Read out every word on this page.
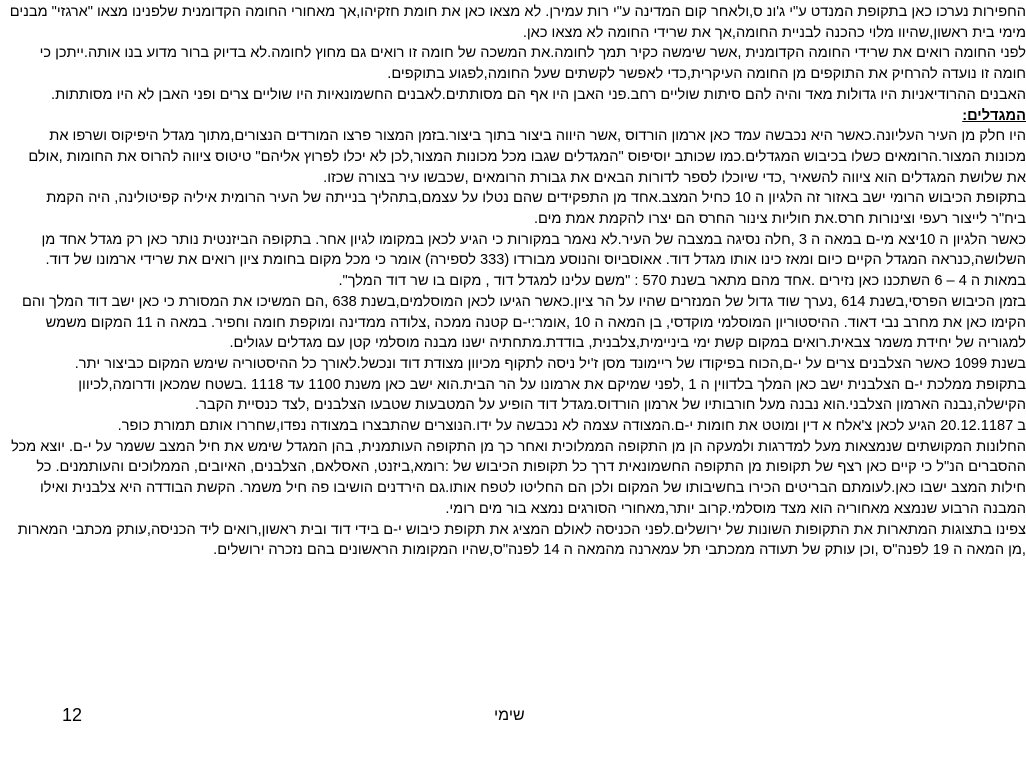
החפירות נערכו כאן בתקופת המנדט ע"י ג'ונ ס,ולאחר קום המדינה ע"י רות עמירן. לא מצאו כאן את חומת חזקיהו,אך מאחורי החומה הקדומנית שלפנינו מצאו "ארגזי" מבנים מימי בית ראשון,שהיוו מלוי כהכנה לבניית החומה,אך את שרידי החומה לא מצאו כאן.

לפני החומה רואים את שרידי החומה הקדומנית ,אשר שימשה כקיר תמך לחומה.את המשכה של חומה זו רואים גם מחוץ לחומה.לא בדיוק ברור מדוע בנו אותה.ייתכן כי חומה זו נועדה להרחיק את התוקפים מן החומה העיקרית,כדי לאפשר לקשתים שעל החומה,לפגוע בתוקפים.

האבנים ההרודיאניות היו גדולות מאד והיה להם סיתות שוליים רחב.פני האבן היו אף הם מסותתים.לאבנים החשמונאיות היו שוליים צרים ופני האבן לא היו מסותתות.

המגדלים:

היו חלק מן העיר העליונה.כאשר היא נכבשה עמד כאן ארמון הורדוס ,אשר היווה ביצור בתוך ביצור.בזמן המצור פרצו המורדים הנצורים,מתוך מגדל היפיקוס ושרפו את מכונות המצור.הרומאים כשלו בכיבוש המגדלים.כמו שכותב יוסיפוס "המגדלים שגבו מכל מכונות המצור,לכן לא יכלו לפרוץ אליהם" טיטוס ציווה להרוס את החומות ,אולם את שלושת המגדלים הוא ציווה להשאיר ,כדי שיוכלו לספר לדורות הבאים את גבורת הרומאים ,שכבשו עיר בצורה שכזו.

בתקופת הכיבוש הרומי ישב באזור זה הלגיון ה 10 כחיל המצב.אחד מן התפקידים שהם נטלו על עצמם,בתהליך בנייתה של העיר הרומית איליה קפיטולינה, היה הקמת ביח"ר לייצור רעפי וצינורות חרס.את חוליות צינור החרס הם יצרו להקמת אמת מים.

כאשר הלגיון ה 10יצא מי-ם במאה ה 3 ,חלה נסיגה במצבה של העיר.לא נאמר במקורות כי הגיע לכאן במקומו לגיון אחר. בתקופה הביזנטית נותר כאן רק מגדל אחד מן השלושה,כנראה המגדל הקיים כיום ומאז כינו אותו מגדל דוד. אאוסביוס והנוסע מבורדו (333 לספירה) אומר כי מכל מקום בחומת ציון רואים את שרידי ארמונו של דוד. במאות ה 4 – 6 השתכנו כאן נזירים .אחד מהם מתאר בשנת 570 : "משם עלינו למגדל דוד , מקום בו שר דוד המלך".

בזמן הכיבוש הפרסי,בשנת 614 ,נערך שוד גדול של המנזרים שהיו על הר ציון.כאשר הגיעו לכאן המוסלמים,בשנת 638 ,הם המשיכו את המסורת כי כאן ישב דוד המלך והם הקימו כאן את מחרב נבי דאוד. ההיסטוריון המוסלמי מוקדסי, בן המאה ה 10 ,אומר:י-ם קטנה ממכה ,צלודה ממדינה ומוקפת חומה וחפיר. במאה ה 11 המקום משמש למגוריה של יחידת משמר צבאית.רואים במקום קשת ימי ביניימית,צלבנית, בודדת.מתחתיה ישנו מבנה מוסלמי קטן עם מגדלים עגולים.

בשנת 1099 כאשר הצלבנים צרים על י-ם,הכוח בפיקודו של ריימונד מסן ז'יל ניסה לתקוף מכיוון מצודת דוד ונכשל.לאורך כל ההיסטוריה שימש המקום כביצור יתר.

בתקופת ממלכת י-ם הצלבנית ישב כאן המלך בלדווין ה 1 ,לפני שמיקם את ארמונו על הר הבית.הוא ישב כאן משנת 1100 עד 1118 .בשטח שמכאן ודרומה,לכיוון הקישלה,נבנה הארמון הצלבני.הוא נבנה מעל חורבותיו של ארמון הורדוס.מגדל דוד הופיע על המטבעות שטבעו הצלבנים ,לצד כנסיית הקבר.

ב 20.12.1187 הגיע לכאן צ'אלח א דין ומוטט את חומות י-ם.המצודה עצמה לא נכבשה על ידו.הנוצרים שהתבצרו במצודה נפדו,שחררו אותם תמורת כופר.

החלונות המקושתים שנמצאות מעל למדרגות ולמעקה הן מן התקופה הממלוכית ואחר כך מן התקופה העותמנית, בהן המגדל שימש את חיל המצב ששמר על י-ם. יוצא מכל ההסברים הנ"ל כי קיים כאן רצף של תקופות מן התקופה החשמונאית דרך כל תקופות הכיבוש של :רומא,ביזנט, האסלאם, הצלבנים, האיובים, הממלוכים והעותמנים. כל חילות המצב ישבו כאן.לעומתם הבריטים הכירו בחשיבותו של המקום ולכן הם החליטו לטפח אותו.גם הירדנים הושיבו פה חיל משמר. הקשת הבודדה היא צלבנית ואילו המבנה הרבוע שנמצא מאחוריה הוא מצד מוסלמי.קרוב יותר,מאחורי הסורגים נמצא בור מים רומי.

צפינו בתצוגות המתארות את התקופות השונות של ירושלים.לפני הכניסה לאולם המציג את תקופת כיבוש י-ם בידי דוד ובית ראשון,רואים ליד הכניסה,עותק מכתבי המארות ,מן המאה ה 19 לפנה"ס ,וכן עותק של תעודה ממכתבי תל עמארנה מהמאה ה 14 לפנה"ס,שהיו המקומות הראשונים בהם נזכרה ירושלים.

שימי
12
